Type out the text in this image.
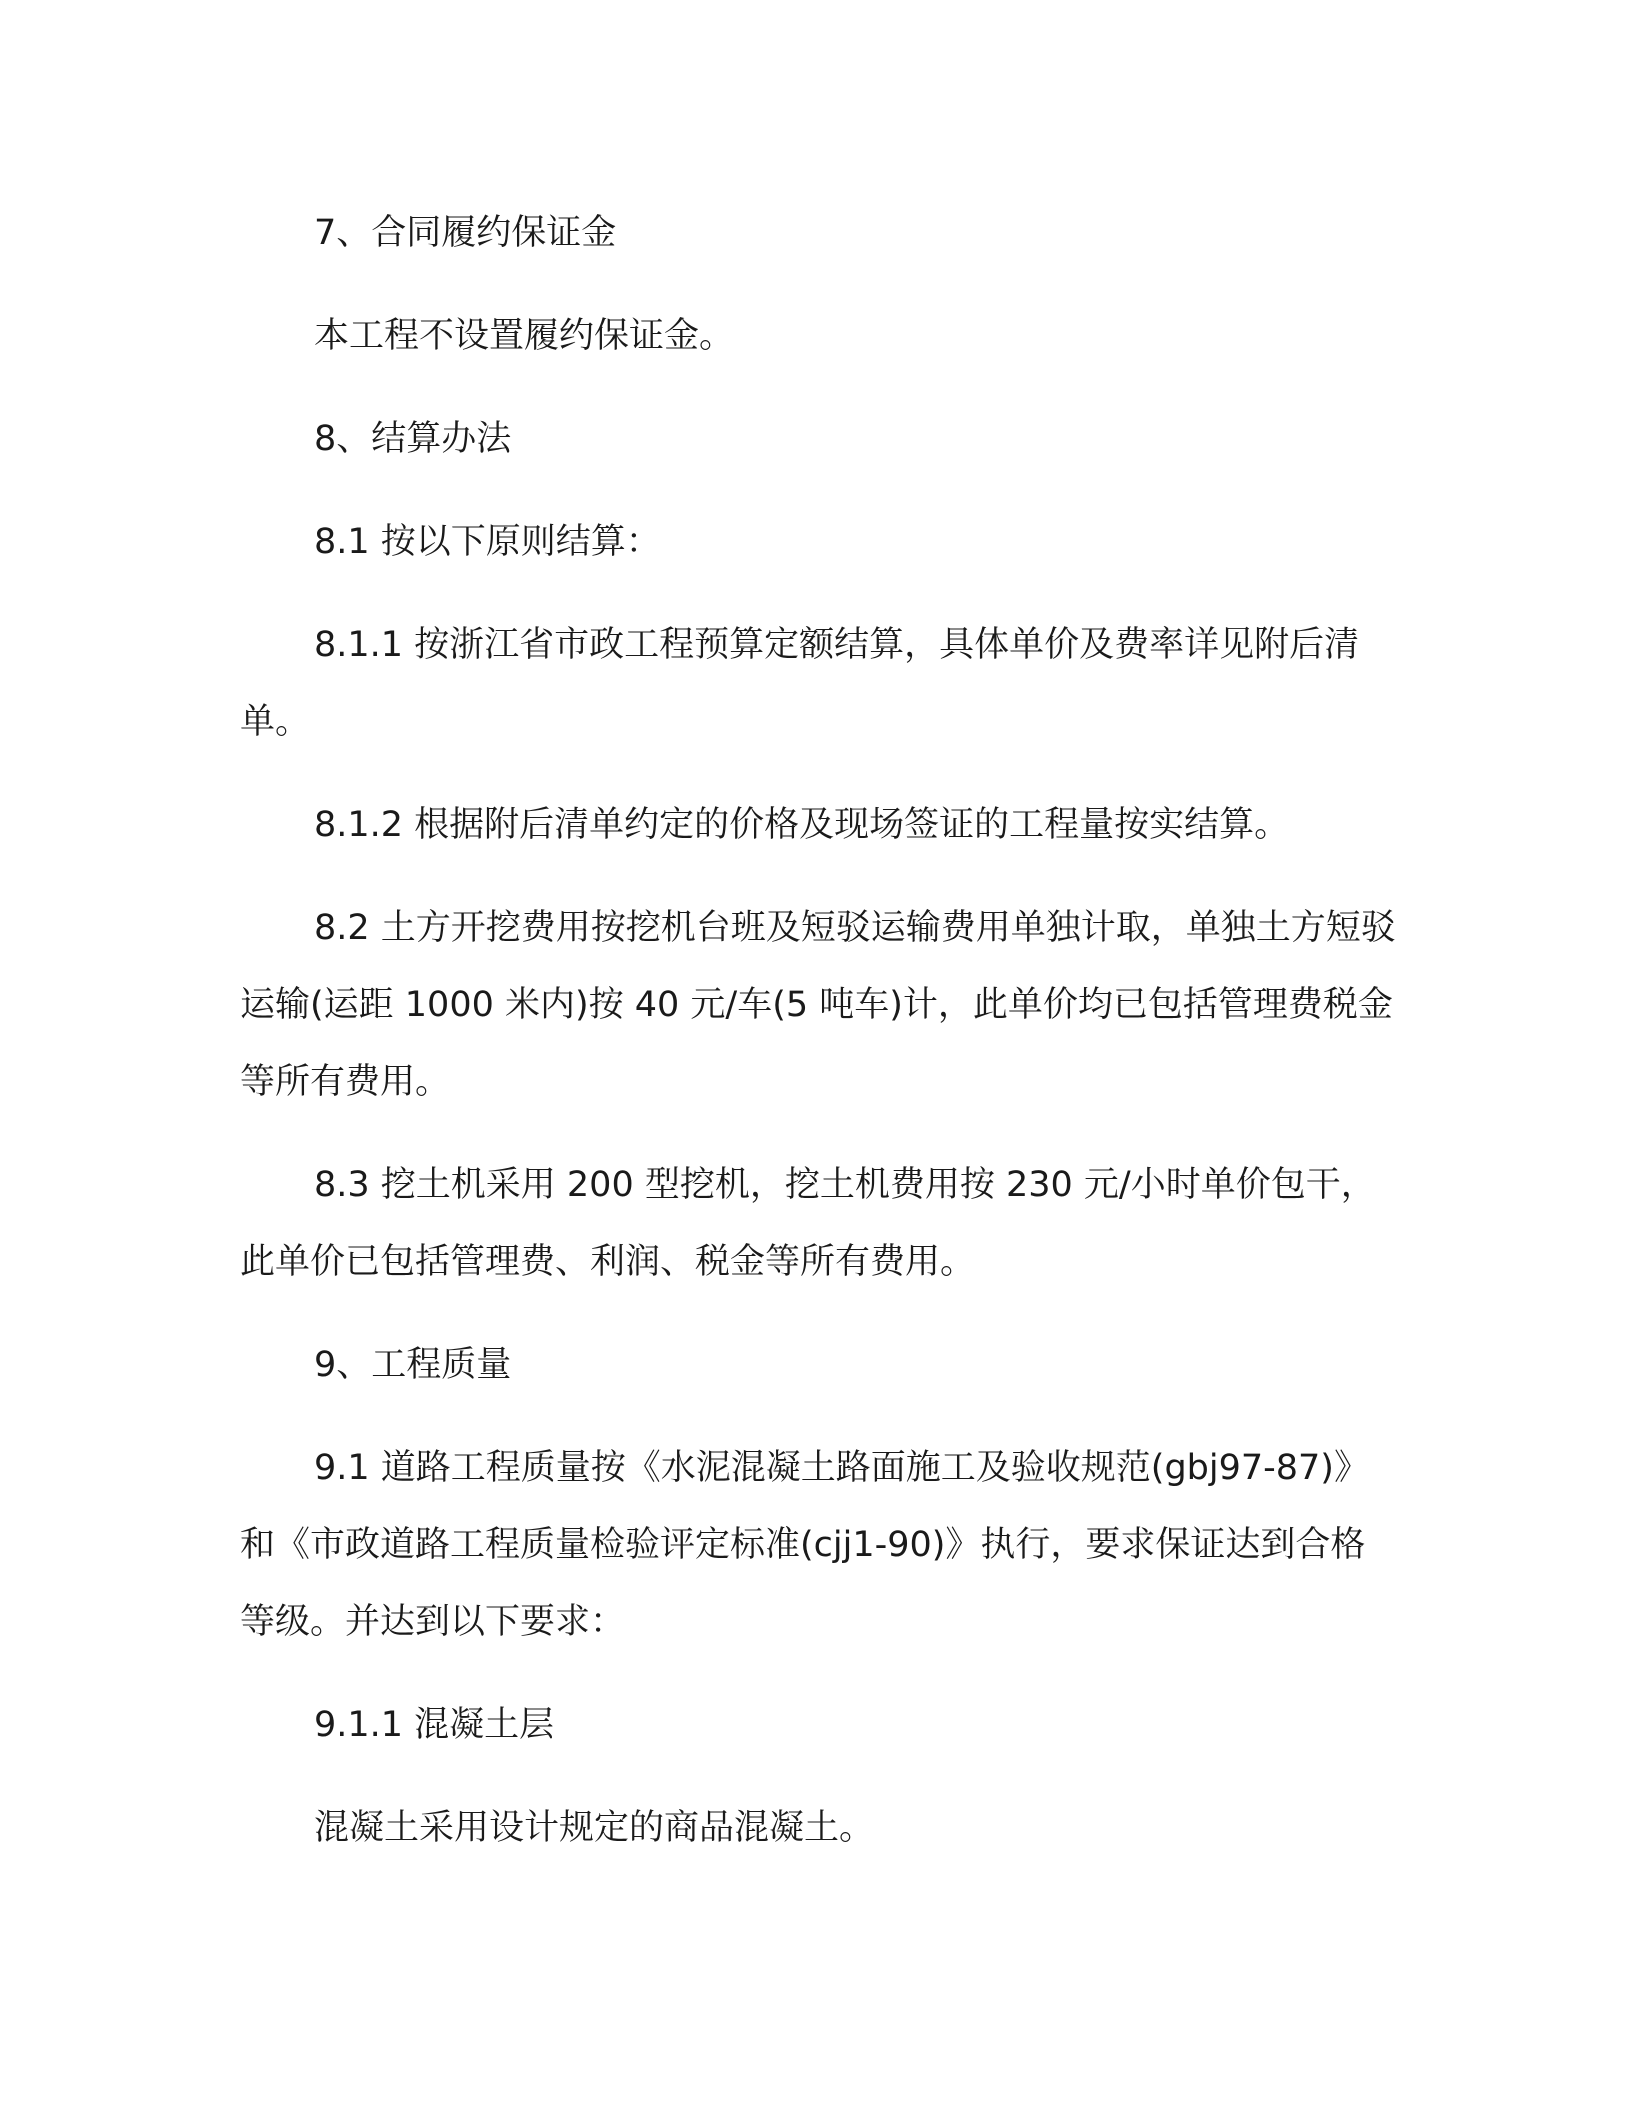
7、合同履约保证金

本工程不设置履约保证金。

8、结算办法

8.1 按以下原则结算：

8.1.1 按浙江省市政工程预算定额结算，具体单价及费率详见附后清单。

8.1.2 根据附后清单约定的价格及现场签证的工程量按实结算。

8.2 土方开挖费用按挖机台班及短驳运输费用单独计取，单独土方短驳运输(运距 1000 米内)按 40 元/车(5 吨车)计，此单价均已包括管理费税金等所有费用。

8.3 挖土机采用 200 型挖机，挖土机费用按 230 元/小时单价包干，此单价已包括管理费、利润、税金等所有费用。

9、工程质量

9.1 道路工程质量按《水泥混凝土路面施工及验收规范(gbj97-87)》和《市政道路工程质量检验评定标准(cjj1-90)》执行，要求保证达到合格等级。并达到以下要求：

9.1.1 混凝土层

混凝土采用设计规定的商品混凝土。
